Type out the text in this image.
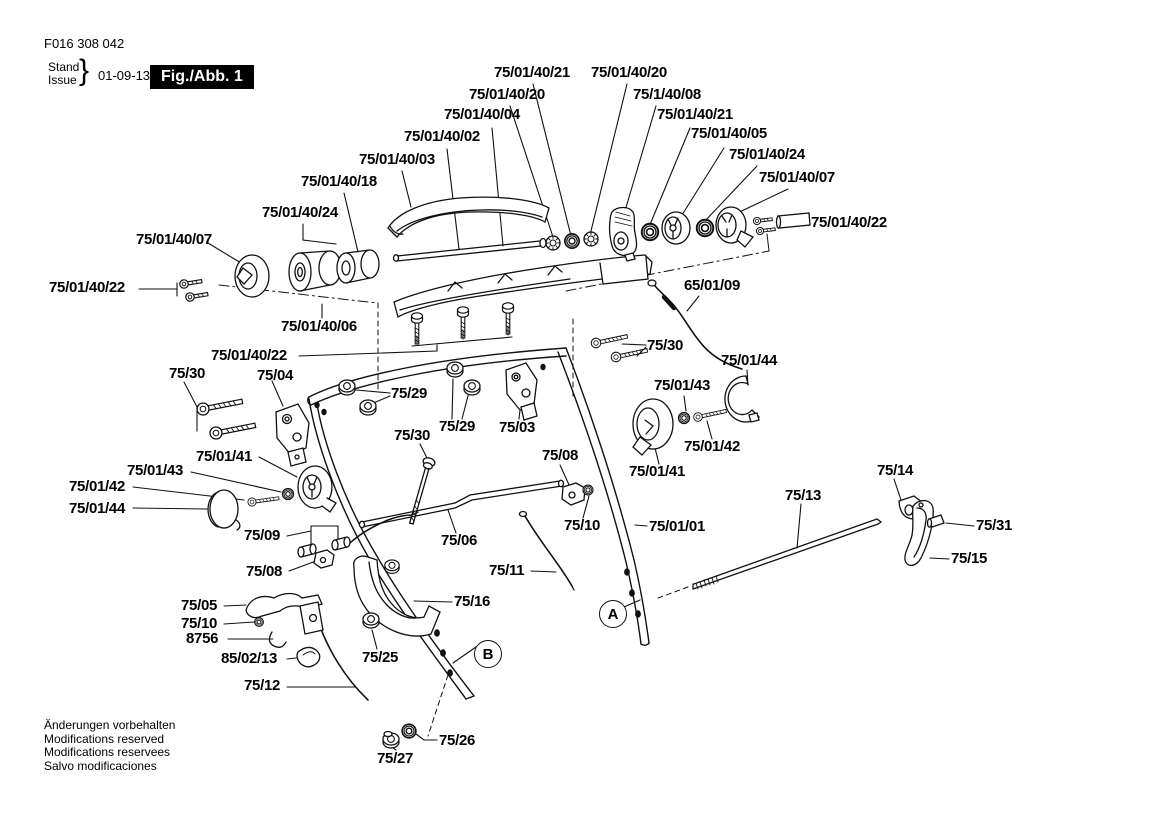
F016 308 042
Stand
Issue } 01-09-13 Fig./Abb. 1
A
B
75/01/40/21 75/01/40/20
75/01/40/20	75/1/40/08
75/01/40/04	75/01/40/21
75/01/40/02	75/01/40/05
75/01/40/03	75/01/40/24
75/01/40/18	75/01/40/07
75/01/40/24
75/01/40/22
75/01/40/07
75/01/40/22	65/01/09
75/01/40/06
75/01/40/22
75/30
75/01/44
75/30	75/04
75/29	75/01/43
75/29 75/03
75/30
75/01/42
75/08
75/01/41
75/01/43	75/01/41	75/14
75/01/42
75/13
75/01/44
75/10	75/01/01	75/31
75/09	75/06
75/15
75/08	75/11
75/16
75/05
75/10
8756
85/02/13	75/25
75/12
75/26
75/27
Änderungen vorbehalten
Modifications reserved
Modifications reservees
Salvo modificaciones
